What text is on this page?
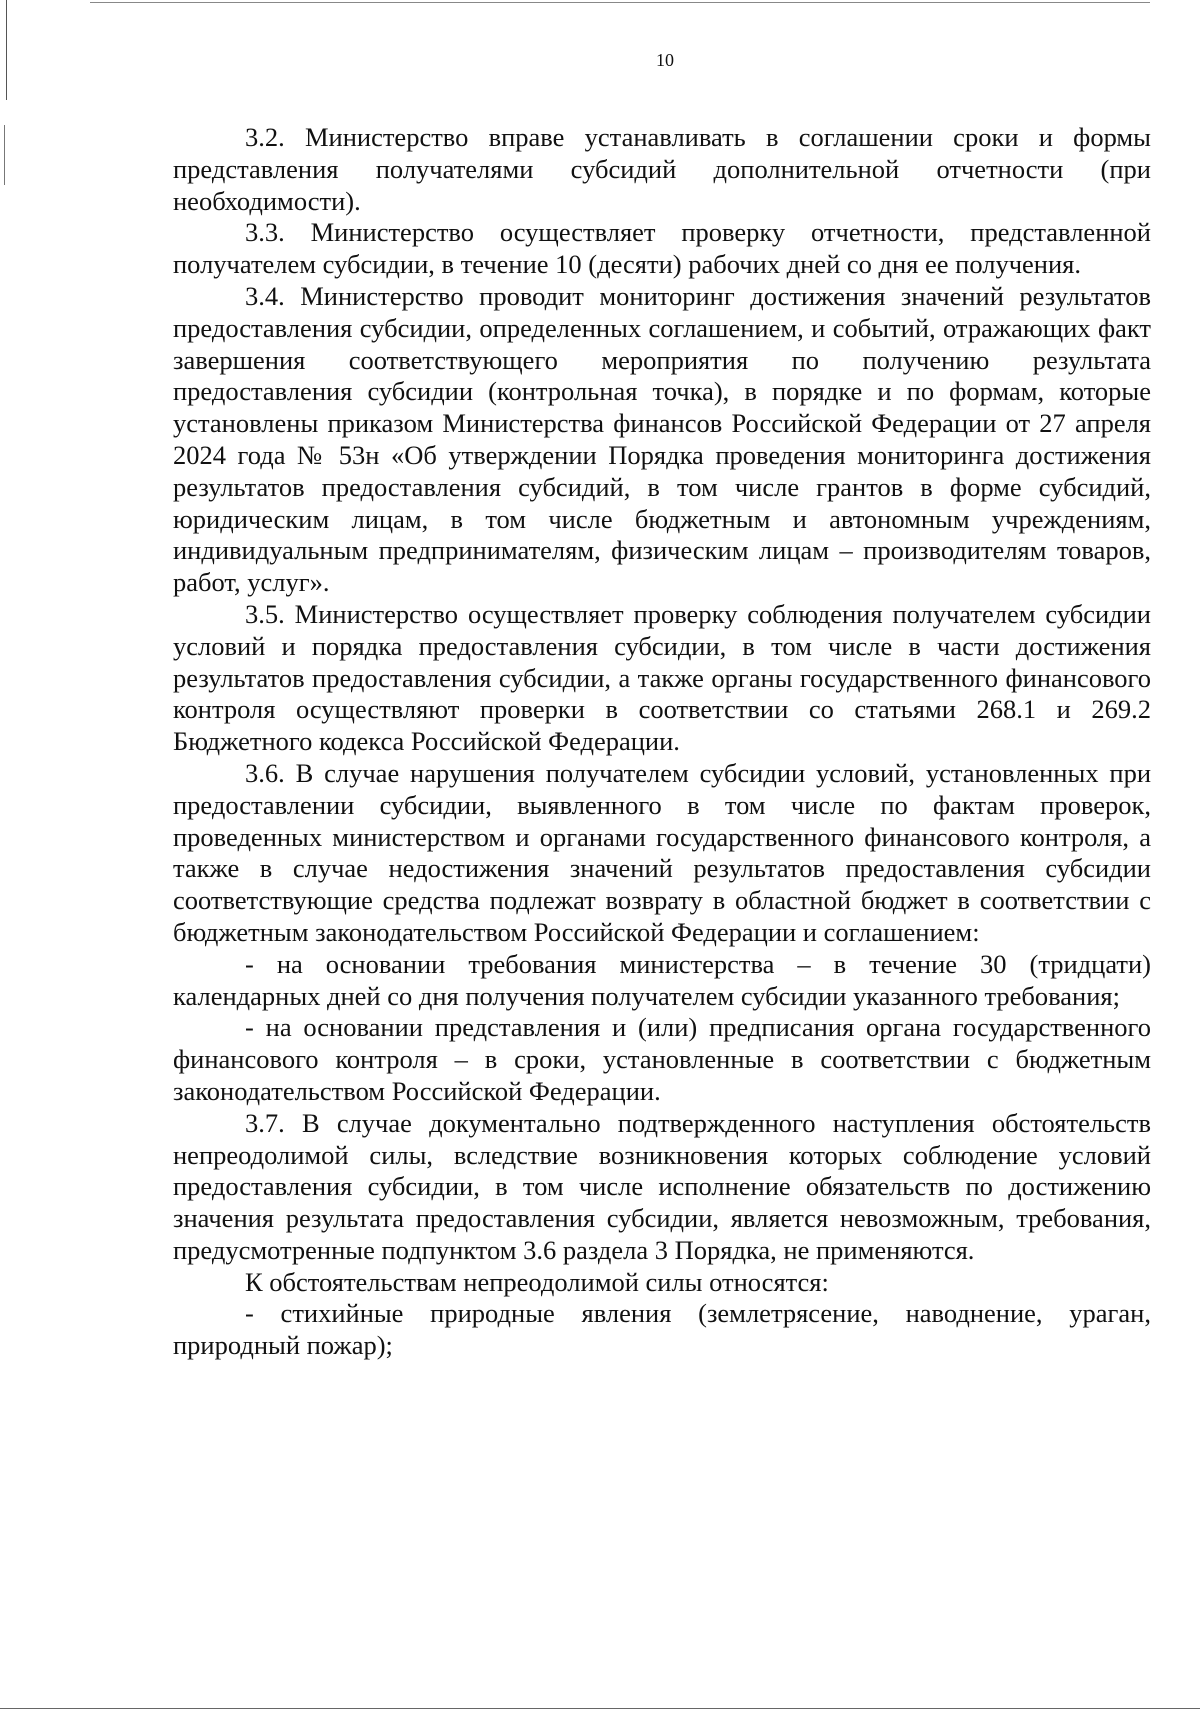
10

3.2. Министерство вправе устанавливать в соглашении сроки и формы представления получателями субсидий дополнительной отчетности (при необходимости).

3.3. Министерство осуществляет проверку отчетности, представленной получателем субсидии, в течение 10 (десяти) рабочих дней со дня ее получения.

3.4. Министерство проводит мониторинг достижения значений результатов предоставления субсидии, определенных соглашением, и событий, отражающих факт завершения соответствующего мероприятия по получению результата предоставления субсидии (контрольная точка), в порядке и по формам, которые установлены приказом Министерства финансов Российской Федерации от 27 апреля 2024 года № 53н «Об утверждении Порядка проведения мониторинга достижения результатов предоставления субсидий, в том числе грантов в форме субсидий, юридическим лицам, в том числе бюджетным и автономным учреждениям, индивидуальным предпринимателям, физическим лицам – производителям товаров, работ, услуг».

3.5. Министерство осуществляет проверку соблюдения получателем субсидии условий и порядка предоставления субсидии, в том числе в части достижения результатов предоставления субсидии, а также органы государственного финансового контроля осуществляют проверки в соответствии со статьями 268.1 и 269.2 Бюджетного кодекса Российской Федерации.

3.6. В случае нарушения получателем субсидии условий, установленных при предоставлении субсидии, выявленного в том числе по фактам проверок, проведенных министерством и органами государственного финансового контроля, а также в случае недостижения значений результатов предоставления субсидии соответствующие средства подлежат возврату в областной бюджет в соответствии с бюджетным законодательством Российской Федерации и соглашением:

- на основании требования министерства – в течение 30 (тридцати) календарных дней со дня получения получателем субсидии указанного требования;

- на основании представления и (или) предписания органа государственного финансового контроля – в сроки, установленные в соответствии с бюджетным законодательством Российской Федерации.

3.7. В случае документально подтвержденного наступления обстоятельств непреодолимой силы, вследствие возникновения которых соблюдение условий предоставления субсидии, в том числе исполнение обязательств по достижению значения результата предоставления субсидии, является невозможным, требования, предусмотренные подпунктом 3.6 раздела 3 Порядка, не применяются.

К обстоятельствам непреодолимой силы относятся:

- стихийные природные явления (землетрясение, наводнение, ураган, природный пожар);
